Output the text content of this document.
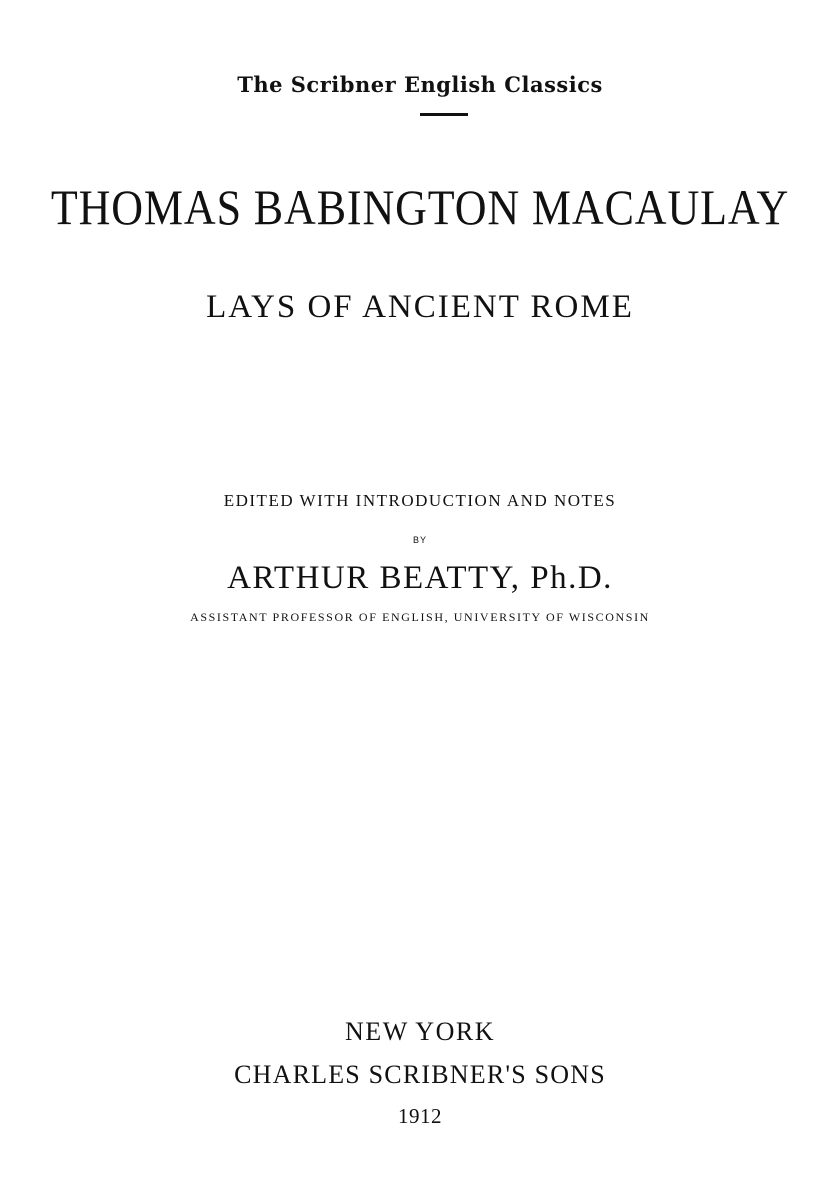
The Scribner English Classics
THOMAS BABINGTON MACAULAY
LAYS OF ANCIENT ROME
EDITED WITH INTRODUCTION AND NOTES
BY
ARTHUR BEATTY, Ph.D.
ASSISTANT PROFESSOR OF ENGLISH, UNIVERSITY OF WISCONSIN
NEW YORK
CHARLES SCRIBNER'S SONS
1912
